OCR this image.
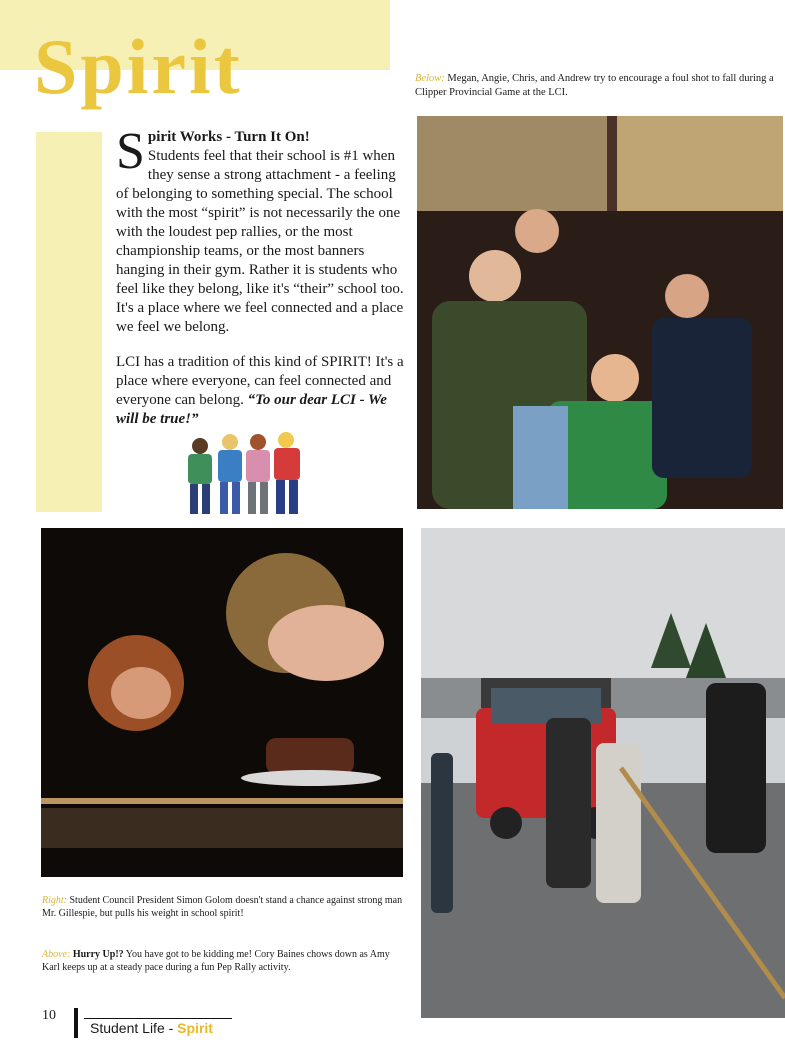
Spirit	Below: Megan, Angie, Chris, and Andrew try to encourage a foul shot to fall during a Clipper Provincial Game at the LCI.
S pirit Works - Turn It On!

Students feel that their school is #1 when they sense a strong attachment - a feeling of belonging to something special. The school with the most “spirit” is not necessarily the one with the loudest pep rallies, or the most championship teams, or the most banners hanging in their gym. Rather it is students who feel like they belong, like it's “their” school too. It's a place where we feel connected and a place we feel we belong.

LCI has a tradition of this kind of SPIRIT! It's a place where everyone, can feel connected and everyone can belong. “To our dear LCI - We will be true!”

Right: Student Council President Simon Golom doesn't stand a chance against strong man Mr. Gillespie, but pulls his weight in school spirit!
Above: Hurry Up!? You have got to be kidding me! Cory Baines chows down as Amy Karl keeps up at a steady pace during a fun Pep Rally activity.
10
Student Life - Spirit
